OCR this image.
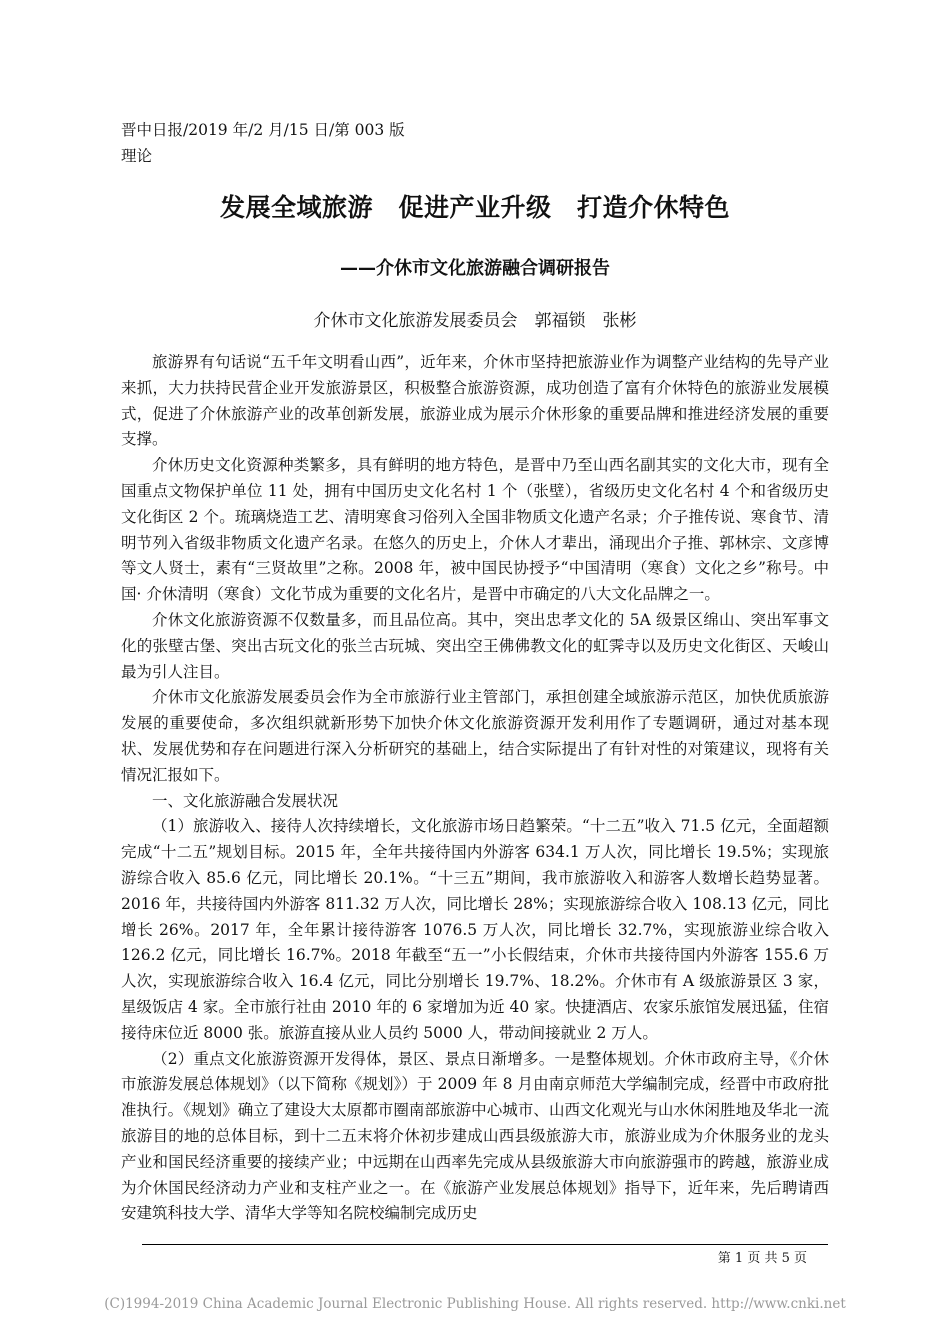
晋中日报/2019 年/2 月/15 日/第 003 版
理论
发展全域旅游　促进产业升级　打造介休特色
——介休市文化旅游融合调研报告
介休市文化旅游发展委员会　郭福锁　张彬

旅游界有句话说“五千年文明看山西”，近年来，介休市坚持把旅游业作为调整产业结构的先导产业来抓，大力扶持民营企业开发旅游景区，积极整合旅游资源，成功创造了富有介休特色的旅游业发展模式，促进了介休旅游产业的改革创新发展，旅游业成为展示介休形象的重要品牌和推进经济发展的重要支撑。

介休历史文化资源种类繁多，具有鲜明的地方特色，是晋中乃至山西名副其实的文化大市，现有全国重点文物保护单位 11 处，拥有中国历史文化名村 1 个（张壁），省级历史文化名村 4 个和省级历史文化街区 2 个。琉璃烧造工艺、清明寒食习俗列入全国非物质文化遗产名录；介子推传说、寒食节、清明节列入省级非物质文化遗产名录。在悠久的历史上，介休人才辈出，涌现出介子推、郭林宗、文彦博等文人贤士，素有“三贤故里”之称。2008 年，被中国民协授予“中国清明（寒食）文化之乡”称号。中国· 介休清明（寒食）文化节成为重要的文化名片，是晋中市确定的八大文化品牌之一。

介休文化旅游资源不仅数量多，而且品位高。其中，突出忠孝文化的 5A 级景区绵山、突出军事文化的张壁古堡、突出古玩文化的张兰古玩城、突出空王佛佛教文化的虹霁寺以及历史文化街区、天峻山最为引人注目。

介休市文化旅游发展委员会作为全市旅游行业主管部门，承担创建全域旅游示范区，加快优质旅游发展的重要使命，多次组织就新形势下加快介休文化旅游资源开发利用作了专题调研，通过对基本现状、发展优势和存在问题进行深入分析研究的基础上，结合实际提出了有针对性的对策建议，现将有关情况汇报如下。

一、文化旅游融合发展状况

（1）旅游收入、接待人次持续增长，文化旅游市场日趋繁荣。“十二五”收入 71.5 亿元，全面超额完成“十二五”规划目标。2015 年，全年共接待国内外游客 634.1 万人次，同比增长 19.5%；实现旅游综合收入 85.6 亿元，同比增长 20.1%。“十三五”期间，我市旅游收入和游客人数增长趋势显著。2016 年，共接待国内外游客 811.32 万人次，同比增长 28%；实现旅游综合收入 108.13 亿元，同比增长 26%。2017 年，全年累计接待游客 1076.5 万人次，同比增长 32.7%，实现旅游业综合收入 126.2 亿元，同比增长 16.7%。2018 年截至“五一”小长假结束，介休市共接待国内外游客 155.6 万人次，实现旅游综合收入 16.4 亿元，同比分别增长 19.7%、18.2%。介休市有 A 级旅游景区 3 家，星级饭店 4 家。全市旅行社由 2010 年的 6 家增加为近 40 家。快捷酒店、农家乐旅馆发展迅猛，住宿接待床位近 8000 张。旅游直接从业人员约 5000 人，带动间接就业 2 万人。

（2）重点文化旅游资源开发得体，景区、景点日渐增多。一是整体规划。介休市政府主导，《介休市旅游发展总体规划》（以下简称《规划》）于 2009 年 8 月由南京师范大学编制完成，经晋中市政府批准执行。《规划》确立了建设大太原都市圈南部旅游中心城市、山西文化观光与山水休闲胜地及华北一流旅游目的地的总体目标，到十二五末将介休初步建成山西县级旅游大市，旅游业成为介休服务业的龙头产业和国民经济重要的接续产业；中远期在山西率先完成从县级旅游大市向旅游强市的跨越，旅游业成为介休国民经济动力产业和支柱产业之一。在《旅游产业发展总体规划》指导下，近年来，先后聘请西安建筑科技大学、清华大学等知名院校编制完成历史

第 1 页 共 5 页
(C)1994-2019 China Academic Journal Electronic Publishing House. All rights reserved. http://www.cnki.net
